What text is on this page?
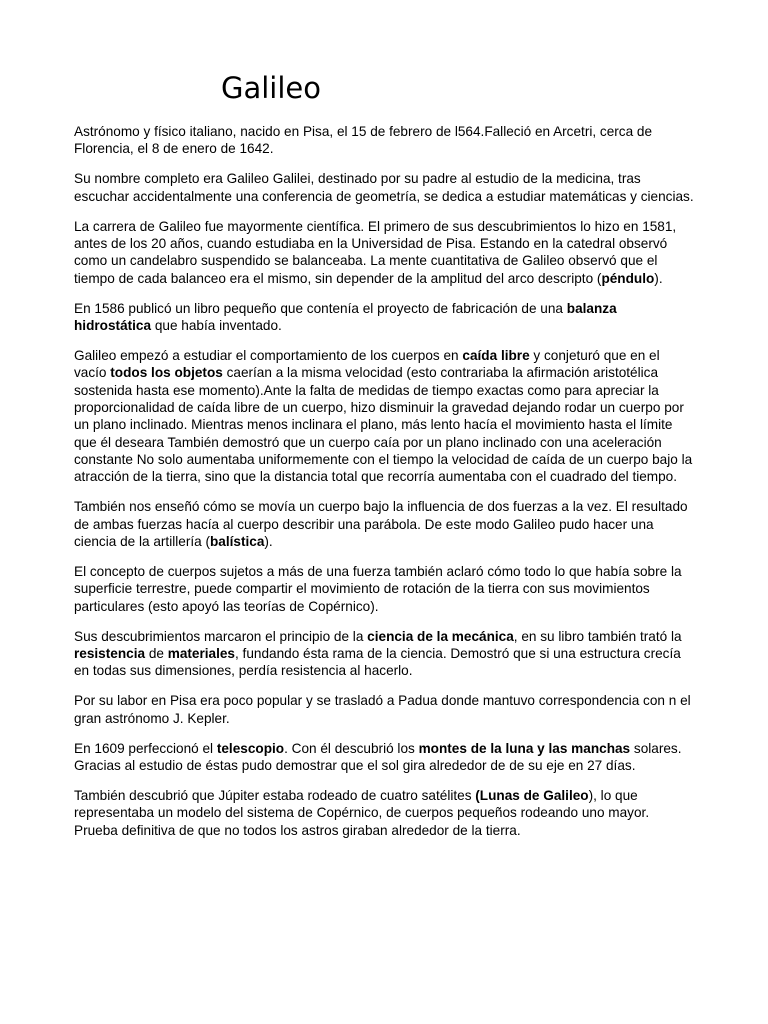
Galileo

Astrónomo y físico italiano, nacido en Pisa, el 15 de febrero de l564.Falleció en Arcetri, cerca de Florencia, el 8 de enero de 1642.

Su nombre completo era Galileo Galilei, destinado por su padre al estudio de la medicina, tras escuchar accidentalmente una conferencia de geometría, se dedica a estudiar matemáticas y ciencias.

La carrera de Galileo fue mayormente científica. El primero de sus descubrimientos lo hizo en 1581, antes de los 20 años, cuando estudiaba en la Universidad de Pisa. Estando en la catedral observó como un candelabro suspendido se balanceaba. La mente cuantitativa de Galileo observó que el tiempo de cada balanceo era el mismo, sin depender de la amplitud del arco descripto (péndulo).

En 1586 publicó un libro pequeño que contenía el proyecto de fabricación de una balanza hidrostática que había inventado.

Galileo empezó a estudiar el comportamiento de los cuerpos en caída libre y conjeturó que en el vacío todos los objetos caerían a la misma velocidad (esto contrariaba la afirmación aristotélica sostenida hasta ese momento).Ante la falta de medidas de tiempo exactas como para apreciar la proporcionalidad de caída libre de un cuerpo, hizo disminuir la gravedad dejando rodar un cuerpo por un plano inclinado. Mientras menos inclinara el plano, más lento hacía el movimiento hasta el límite que él deseara También demostró que un cuerpo caía por un plano inclinado con una aceleración constante No solo aumentaba uniformemente con el tiempo la velocidad de caída de un cuerpo bajo la atracción de la tierra, sino que la distancia total que recorría aumentaba con el cuadrado del tiempo.

También nos enseñó cómo se movía un cuerpo bajo la influencia de dos fuerzas a la vez. El resultado de ambas fuerzas hacía al cuerpo describir una parábola. De este modo Galileo pudo hacer una ciencia de la artillería (balística).

El concepto de cuerpos sujetos a más de una fuerza también aclaró cómo todo lo que había sobre la superficie terrestre, puede compartir el movimiento de rotación de la tierra con sus movimientos particulares (esto apoyó las teorías de Copérnico).

Sus descubrimientos marcaron el principio de la ciencia de la mecánica, en su libro también trató la resistencia de materiales, fundando ésta rama de la ciencia. Demostró que si una estructura crecía en todas sus dimensiones, perdía resistencia al hacerlo.

Por su labor en Pisa era poco popular y se trasladó a Padua donde mantuvo correspondencia con n el gran astrónomo J. Kepler.

En 1609 perfeccionó el telescopio. Con él descubrió los montes de la luna y las manchas solares. Gracias al estudio de éstas pudo demostrar que el sol gira alrededor de de su eje en 27 días.

También descubrió que Júpiter estaba rodeado de cuatro satélites (Lunas de Galileo), lo que representaba un modelo del sistema de Copérnico, de cuerpos pequeños rodeando uno mayor. Prueba definitiva de que no todos los astros giraban alrededor de la tierra.
